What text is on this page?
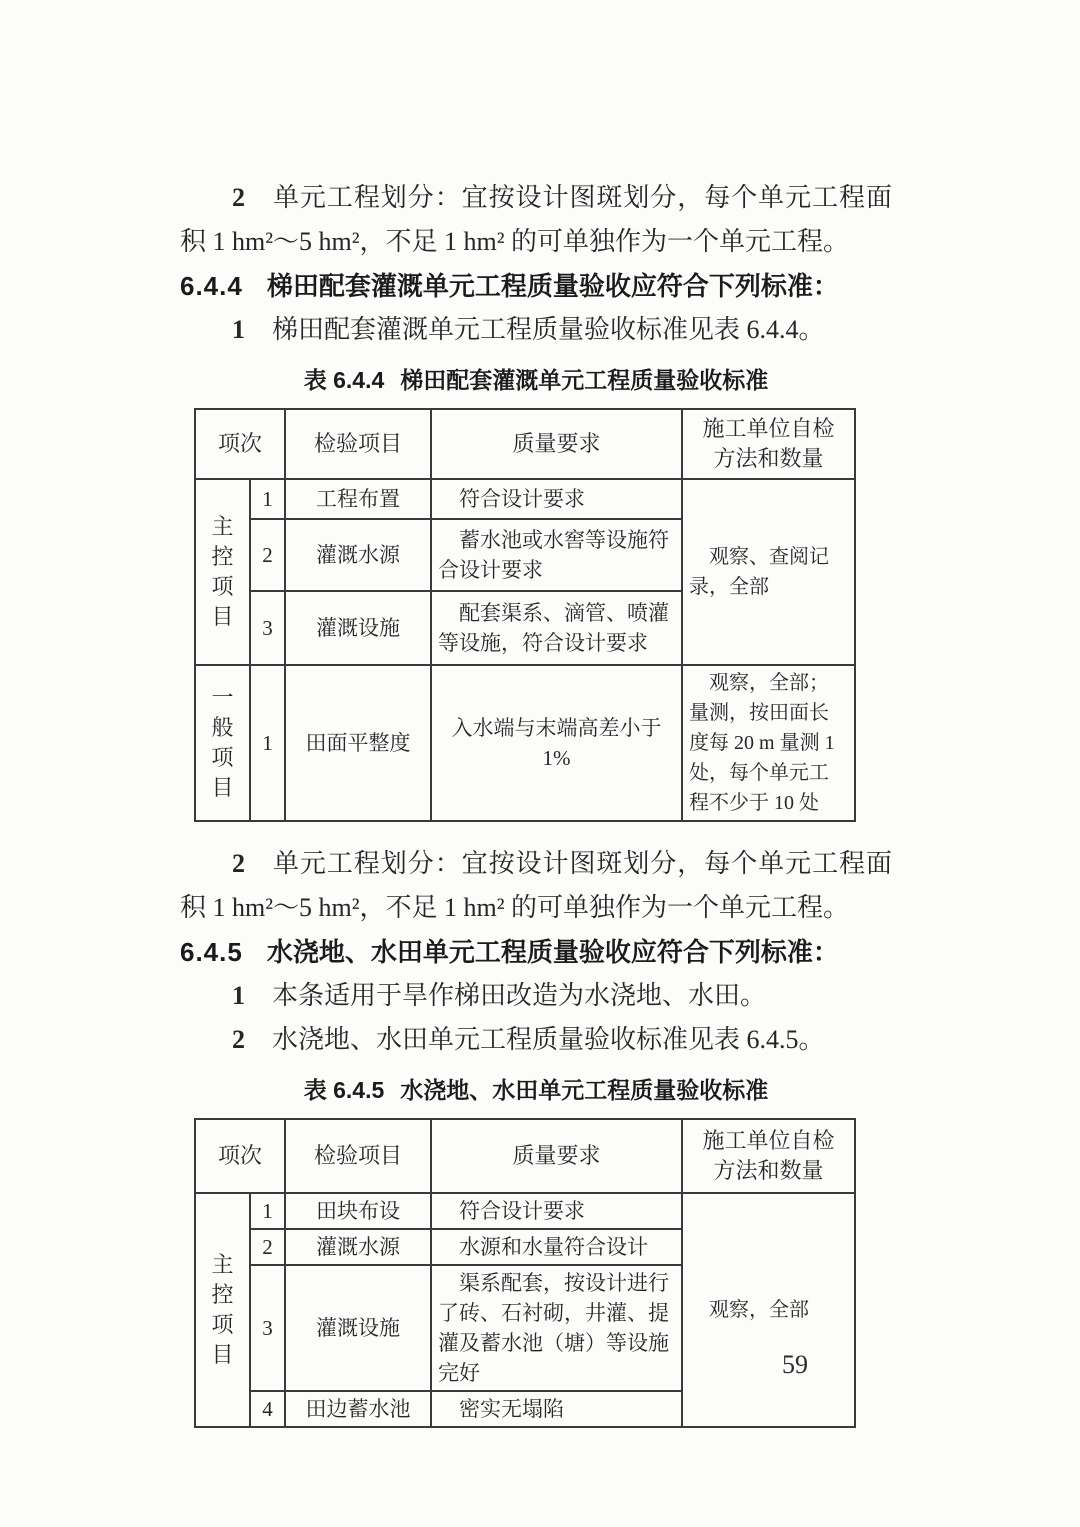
2 单元工程划分：宜按设计图斑划分，每个单元工程面积 1 hm²～5 hm²，不足 1 hm² 的可单独作为一个单元工程。

6.4.4 梯田配套灌溉单元工程质量验收应符合下列标准：

1 梯田配套灌溉单元工程质量验收标准见表 6.4.4。

表 6.4.4 梯田配套灌溉单元工程质量验收标准
项次		检验项目	质量要求	施工单位自检
方法和数量

主控
项目	1	工程布置	符合设计要求	观察、查阅记录，全部
	2	灌溉水源	蓄水池或水窖等设施符合设计要求	
	3	灌溉设施	配套渠系、滴管、喷灌等设施，符合设计要求	

一般
项目	1	田面平整度	入水端与末端高差小于1%	观察，全部；量测，按田面长度每 20 m 量测 1 处，每个单元工程不少于 10 处

2 单元工程划分：宜按设计图斑划分，每个单元工程面积 1 hm²～5 hm²，不足 1 hm² 的可单独作为一个单元工程。

6.4.5 水浇地、水田单元工程质量验收应符合下列标准：

1 本条适用于旱作梯田改造为水浇地、水田。

2 水浇地、水田单元工程质量验收标准见表 6.4.5。

表 6.4.5 水浇地、水田单元工程质量验收标准
项次		检验项目	质量要求	施工单位自检
方法和数量

主控
项目	1	田块布设	符合设计要求	观察，全部
	2	灌溉水源	水源和水量符合设计	
	3	灌溉设施	渠系配套，按设计进行了砖、石衬砌，井灌、提灌及蓄水池（塘）等设施完好	
	4	田边蓄水池	密实无塌陷	
59
